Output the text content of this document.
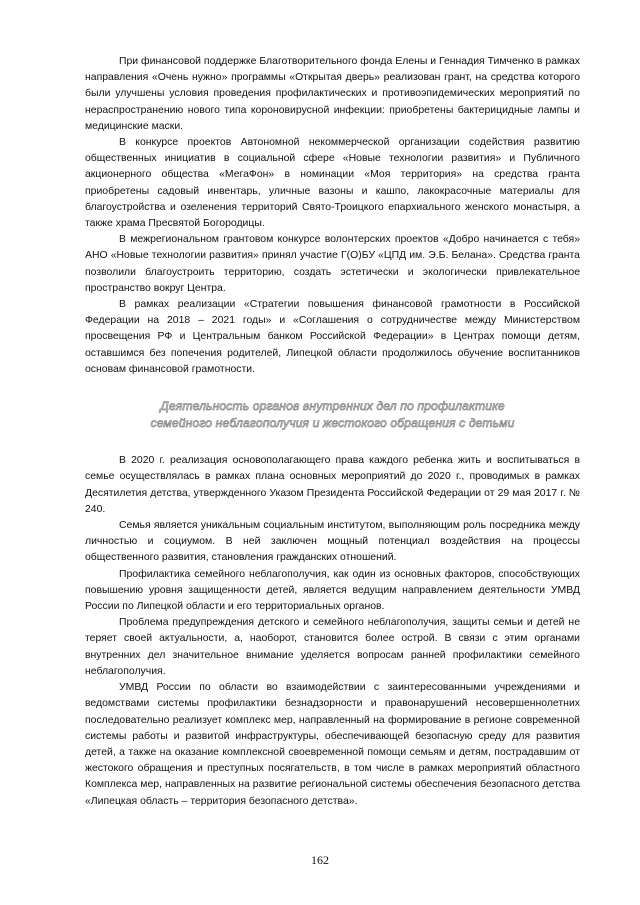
При финансовой поддержке Благотворительного фонда Елены и Геннадия Тимченко в рамках направления «Очень нужно» программы «Открытая дверь» реализован грант, на средства которого были улучшены условия проведения профилактических и противоэпидемических мероприятий по нераспространению нового типа короновирусной инфекции: приобретены бактерицидные лампы и медицинские маски.

В конкурсе проектов Автономной некоммерческой организации содействия развитию общественных инициатив в социальной сфере «Новые технологии развития» и Публичного акционерного общества «МегаФон» в номинации «Моя территория» на средства гранта приобретены садовый инвентарь, уличные вазоны и кашпо, лакокрасочные материалы для благоустройства и озеленения территорий Свято-Троицкого епархиального женского монастыря, а также храма Пресвятой Богородицы.

В межрегиональном грантовом конкурсе волонтерских проектов «Добро начинается с тебя» АНО «Новые технологии развития» принял участие Г(О)БУ «ЦПД им. Э.Б. Белана». Средства гранта позволили благоустроить территорию, создать эстетически и экологически привлекательное пространство вокруг Центра.

В рамках реализации «Стратегии повышения финансовой грамотности в Российской Федерации на 2018 – 2021 годы» и «Соглашения о сотрудничестве между Министерством просвещения РФ и Центральным банком Российской Федерации» в Центрах помощи детям, оставшимся без попечения родителей, Липецкой области продолжилось обучение воспитанников основам финансовой грамотности.

Деятельность органов внутренних дел по профилактике
семейного неблагополучия и жестокого обращения с детьми

В 2020 г. реализация основополагающего права каждого ребенка жить и воспитываться в семье осуществлялась в рамках плана основных мероприятий до 2020 г., проводимых в рамках Десятилетия детства, утвержденного Указом Президента Российской Федерации от 29 мая 2017 г. № 240.

Семья является уникальным социальным институтом, выполняющим роль посредника между личностью и социумом. В ней заключен мощный потенциал воздействия на процессы общественного развития, становления гражданских отношений.

Профилактика семейного неблагополучия, как один из основных факторов, способствующих повышению уровня защищенности детей, является ведущим направлением деятельности УМВД России по Липецкой области и его территориальных органов.

Проблема предупреждения детского и семейного неблагополучия, защиты семьи и детей не теряет своей актуальности, а, наоборот, становится более острой. В связи с этим органами внутренних дел значительное внимание уделяется вопросам ранней профилактики семейного неблагополучия.

УМВД России по области во взаимодействии с заинтересованными учреждениями и ведомствами системы профилактики безнадзорности и правонарушений несовершеннолетних последовательно реализует комплекс мер, направленный на формирование в регионе современной системы работы и развитой инфраструктуры, обеспечивающей безопасную среду для развития детей, а также на оказание комплексной своевременной помощи семьям и детям, пострадавшим от жестокого обращения и преступных посягательств, в том числе в рамках мероприятий областного Комплекса мер, направленных на развитие региональной системы обеспечения безопасного детства «Липецкая область – территория безопасного детства».

162
